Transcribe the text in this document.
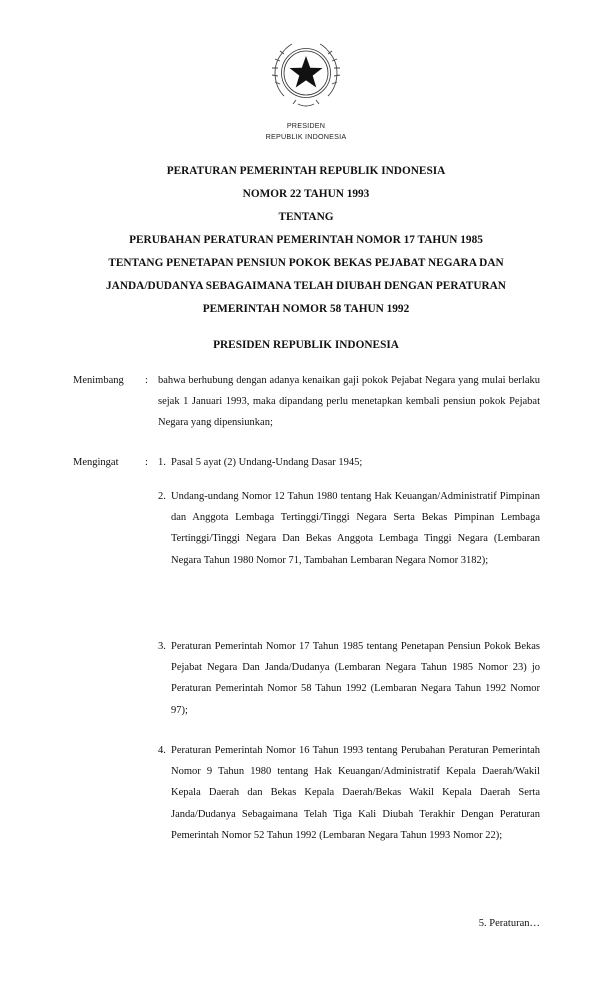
PRESIDEN
REPUBLIK INDONESIA
PERATURAN PEMERINTAH REPUBLIK INDONESIA
NOMOR 22 TAHUN 1993
TENTANG
PERUBAHAN PERATURAN PEMERINTAH NOMOR 17 TAHUN 1985
TENTANG PENETAPAN PENSIUN POKOK BEKAS PEJABAT NEGARA DAN
JANDA/DUDANYA SEBAGAIMANA TELAH DIUBAH DENGAN PERATURAN
PEMERINTAH NOMOR 58 TAHUN 1992
PRESIDEN REPUBLIK INDONESIA
Menimbang : bahwa berhubung dengan adanya kenaikan gaji pokok Pejabat Negara yang mulai berlaku sejak 1 Januari 1993, maka dipandang perlu menetapkan kembali pensiun pokok Pejabat Negara yang dipensiunkan;
Mengingat	: 1. Pasal 5 ayat (2) Undang-Undang Dasar 1945;
2. Undang-undang Nomor 12 Tahun 1980 tentang Hak Keuangan/Administratif Pimpinan dan Anggota Lembaga Tertinggi/Tinggi Negara Serta Bekas Pimpinan Lembaga Tertinggi/Tinggi Negara Dan Bekas Anggota Lembaga Tinggi Negara (Lembaran Negara Tahun 1980 Nomor 71, Tambahan Lembaran Negara Nomor 3182);
3. Peraturan Pemerintah Nomor 17 Tahun 1985 tentang Penetapan Pensiun Pokok Bekas Pejabat Negara Dan Janda/Dudanya (Lembaran Negara Tahun 1985 Nomor 23) jo Peraturan Pemerintah Nomor 58 Tahun 1992 (Lembaran Negara Tahun 1992 Nomor 97);
4. Peraturan Pemerintah Nomor 16 Tahun 1993 tentang Perubahan Peraturan Pemerintah Nomor 9 Tahun 1980 tentang Hak Keuangan/Administratif Kepala Daerah/Wakil Kepala Daerah dan Bekas Kepala Daerah/Bekas Wakil Kepala Daerah Serta Janda/Dudanya Sebagaimana Telah Tiga Kali Diubah Terakhir Dengan Peraturan Pemerintah Nomor 52 Tahun 1992 (Lembaran Negara Tahun 1993 Nomor 22);
5. Peraturan…
